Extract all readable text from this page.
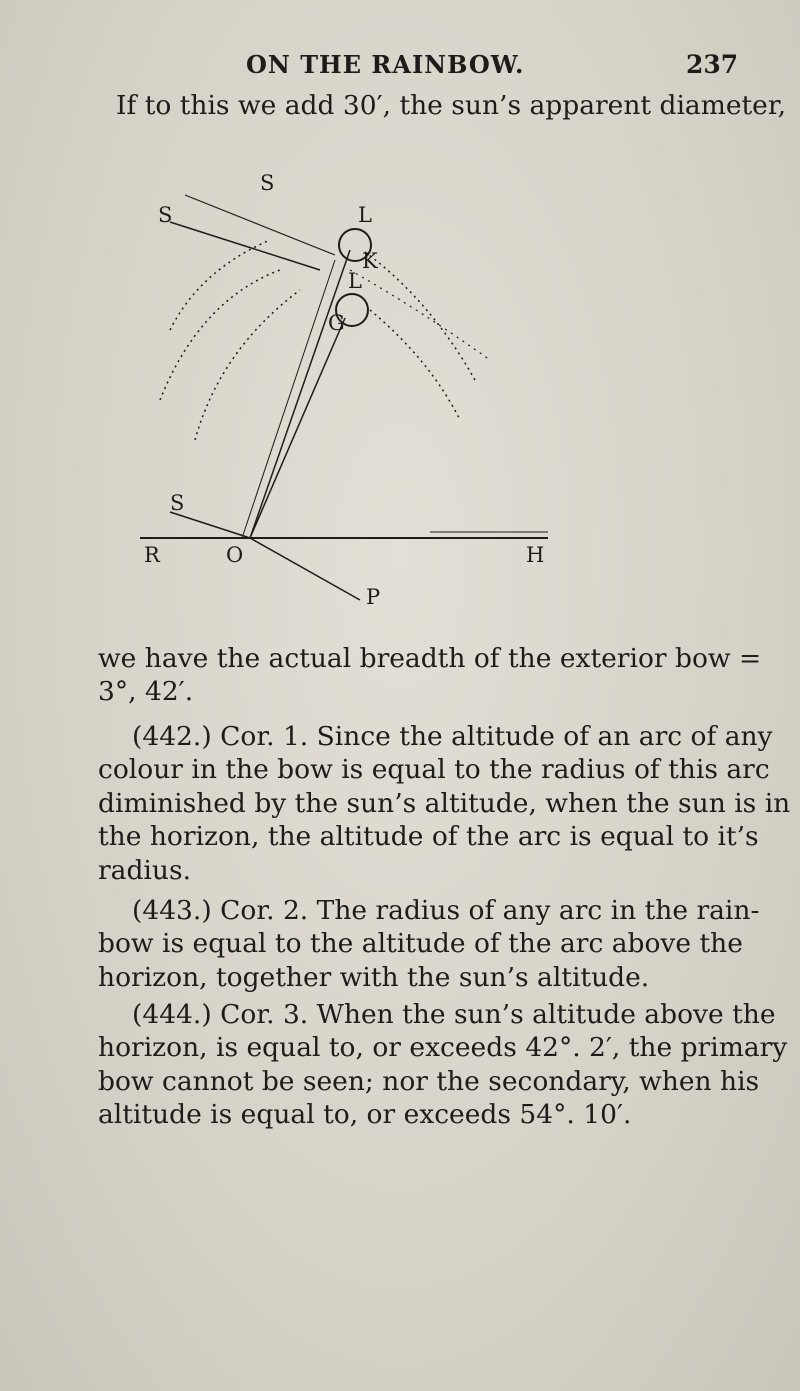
ON THE RAINBOW.	237
If to this we add 30′, the sun’s apparent diameter,
S
S	L
K
L
G
S
R	O	H
P
we have the actual breadth of the exterior bow =
3°, 42′.
(442.) Cor. 1. Since the altitude of an arc of any
colour in the bow is equal to the radius of this arc
diminished by the sun’s altitude, when the sun is in
the horizon, the altitude of the arc is equal to it’s
radius.
(443.) Cor. 2. The radius of any arc in the rain-
bow is equal to the altitude of the arc above the
horizon, together with the sun’s altitude.
(444.) Cor. 3. When the sun’s altitude above the
horizon, is equal to, or exceeds 42°. 2′, the primary
bow cannot be seen; nor the secondary, when his
altitude is equal to, or exceeds 54°. 10′.
